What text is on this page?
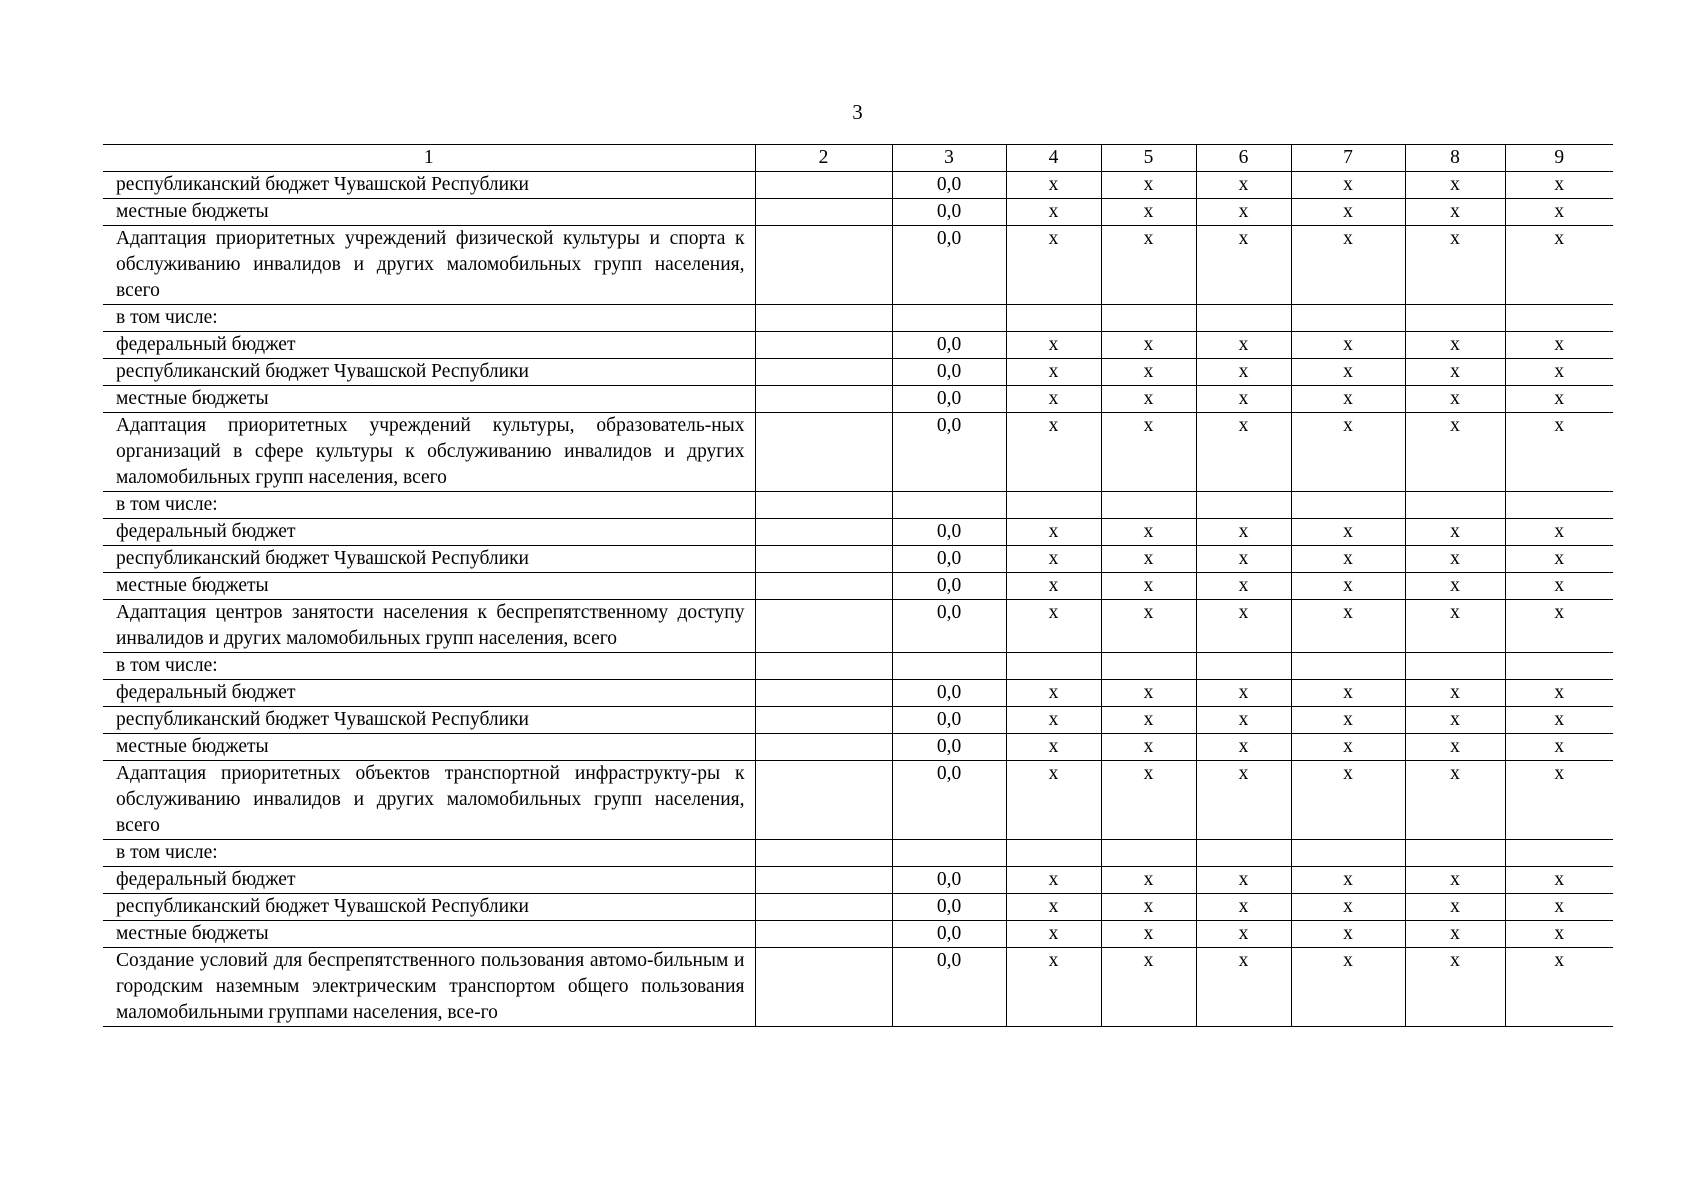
3
1	2	3	4	5	6	7	8	9
республиканский бюджет Чувашской Республики		0,0	x	x	x	x	x	x
местные бюджеты		0,0	x	x	x	x	x	x
Адаптация приоритетных учреждений физической культуры и спорта к обслуживанию инвалидов и других маломобильных групп населения, всего		0,0	x	x	x	x	x	x
в том числе:								
федеральный бюджет		0,0	x	x	x	x	x	x
республиканский бюджет Чувашской Республики		0,0	x	x	x	x	x	x
местные бюджеты		0,0	x	x	x	x	x	x
Адаптация приоритетных учреждений культуры, образователь-ных организаций в сфере культуры к обслуживанию инвалидов и других маломобильных групп населения, всего		0,0	x	x	x	x	x	x
в том числе:								
федеральный бюджет		0,0	x	x	x	x	x	x
республиканский бюджет Чувашской Республики		0,0	x	x	x	x	x	x
местные бюджеты		0,0	x	x	x	x	x	x
Адаптация центров занятости населения к беспрепятственному доступу инвалидов и других маломобильных групп населения, всего		0,0	x	x	x	x	x	x
в том числе:								
федеральный бюджет		0,0	x	x	x	x	x	x
республиканский бюджет Чувашской Республики		0,0	x	x	x	x	x	x
местные бюджеты		0,0	x	x	x	x	x	x
Адаптация приоритетных объектов транспортной инфраструкту-ры к обслуживанию инвалидов и других маломобильных групп населения, всего		0,0	x	x	x	x	x	x
в том числе:								
федеральный бюджет		0,0	x	x	x	x	x	x
республиканский бюджет Чувашской Республики		0,0	x	x	x	x	x	x
местные бюджеты		0,0	x	x	x	x	x	x
Создание условий для беспрепятственного пользования автомо-бильным и городским наземным электрическим транспортом общего пользования маломобильными группами населения, все-го		0,0	x	x	x	x	x	x
